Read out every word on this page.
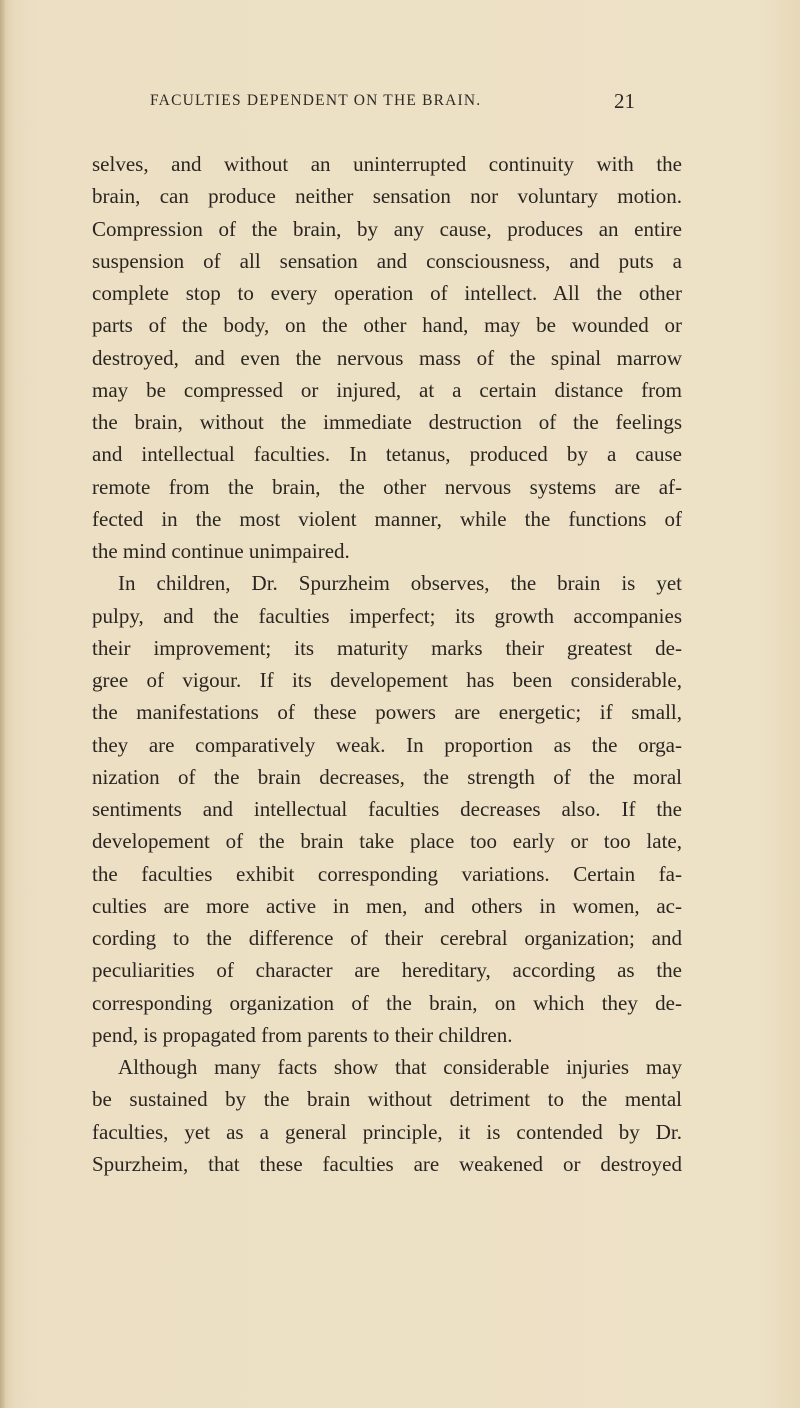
FACULTIES DEPENDENT ON THE BRAIN.	21
selves, and without an uninterrupted continuity with the
brain, can produce neither sensation nor voluntary motion.
Compression of the brain, by any cause, produces an entire
suspension of all sensation and consciousness, and puts a
complete stop to every operation of intellect. All the other
parts of the body, on the other hand, may be wounded or
destroyed, and even the nervous mass of the spinal marrow
may be compressed or injured, at a certain distance from
the brain, without the immediate destruction of the feelings
and intellectual faculties. In tetanus, produced by a cause
remote from the brain, the other nervous systems are af-
fected in the most violent manner, while the functions of
the mind continue unimpaired.
In children, Dr. Spurzheim observes, the brain is yet
pulpy, and the faculties imperfect; its growth accompanies
their improvement; its maturity marks their greatest de-
gree of vigour. If its developement has been considerable,
the manifestations of these powers are energetic; if small,
they are comparatively weak. In proportion as the orga-
nization of the brain decreases, the strength of the moral
sentiments and intellectual faculties decreases also. If the
developement of the brain take place too early or too late,
the faculties exhibit corresponding variations. Certain fa-
culties are more active in men, and others in women, ac-
cording to the difference of their cerebral organization; and
peculiarities of character are hereditary, according as the
corresponding organization of the brain, on which they de-
pend, is propagated from parents to their children.
Although many facts show that considerable injuries may
be sustained by the brain without detriment to the mental
faculties, yet as a general principle, it is contended by Dr.
Spurzheim, that these faculties are weakened or destroyed
